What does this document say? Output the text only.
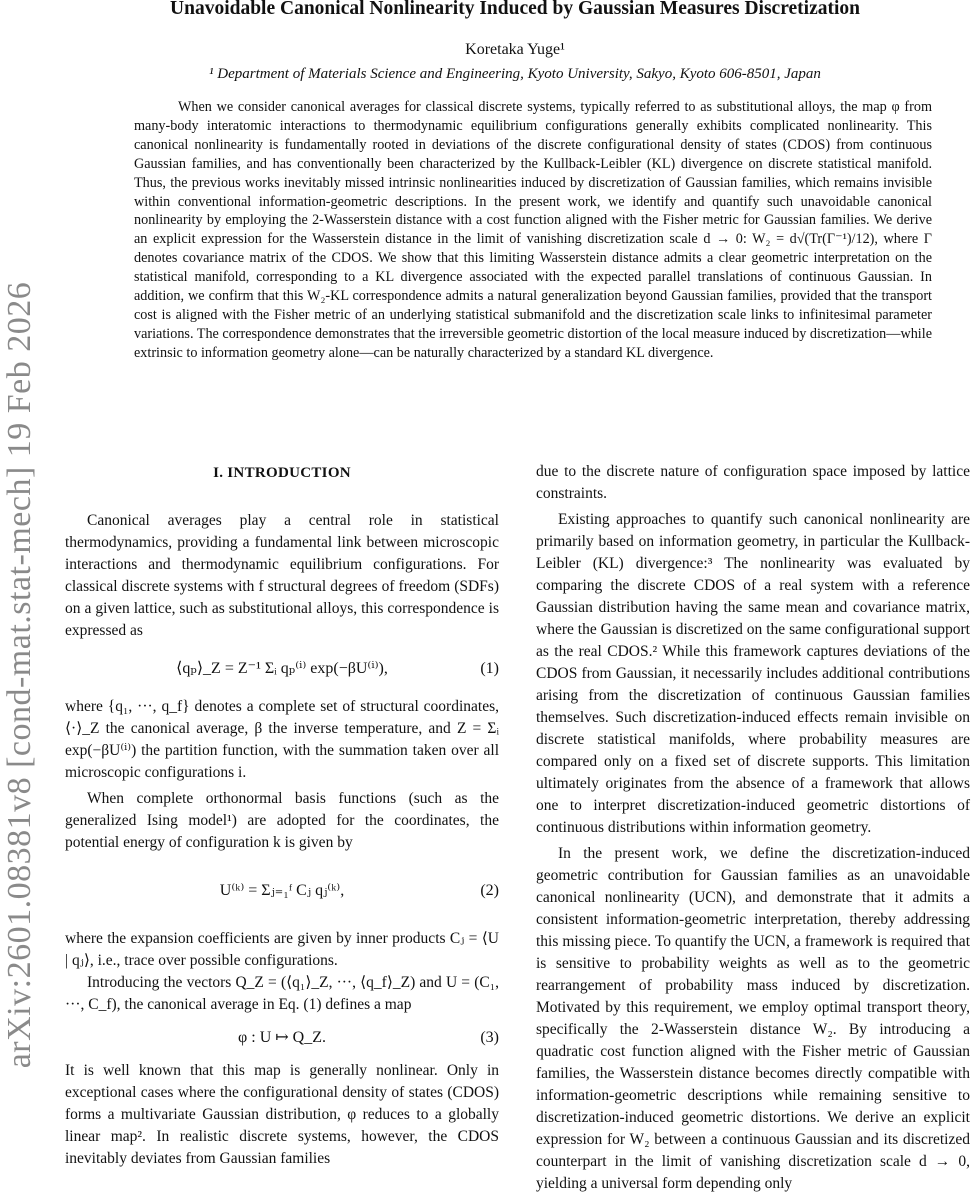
arXiv:2601.08381v8 [cond-mat.stat-mech] 19 Feb 2026
Unavoidable Canonical Nonlinearity Induced by Gaussian Measures Discretization
Koretaka Yuge¹
¹ Department of Materials Science and Engineering, Kyoto University, Sakyo, Kyoto 606-8501, Japan

When we consider canonical averages for classical discrete systems, typically referred to as substitutional alloys, the map φ from many-body interatomic interactions to thermodynamic equilibrium configurations generally exhibits complicated nonlinearity. This canonical nonlinearity is fundamentally rooted in deviations of the discrete configurational density of states (CDOS) from continuous Gaussian families, and has conventionally been characterized by the Kullback-Leibler (KL) divergence on discrete statistical manifold. Thus, the previous works inevitably missed intrinsic nonlinearities induced by discretization of Gaussian families, which remains invisible within conventional information-geometric descriptions. In the present work, we identify and quantify such unavoidable canonical nonlinearity by employing the 2-Wasserstein distance with a cost function aligned with the Fisher metric for Gaussian families. We derive an explicit expression for the Wasserstein distance in the limit of vanishing discretization scale d → 0: W₂ = d√(Tr(Γ⁻¹)/12), where Γ denotes covariance matrix of the CDOS. We show that this limiting Wasserstein distance admits a clear geometric interpretation on the statistical manifold, corresponding to a KL divergence associated with the expected parallel translations of continuous Gaussian. In addition, we confirm that this W₂-KL correspondence admits a natural generalization beyond Gaussian families, provided that the transport cost is aligned with the Fisher metric of an underlying statistical submanifold and the discretization scale links to infinitesimal parameter variations. The correspondence demonstrates that the irreversible geometric distortion of the local measure induced by discretization—while extrinsic to information geometry alone—can be naturally characterized by a standard KL divergence.

I. INTRODUCTION

Canonical averages play a central role in statistical thermodynamics, providing a fundamental link between microscopic interactions and thermodynamic equilibrium configurations. For classical discrete systems with f structural degrees of freedom (SDFs) on a given lattice, such as substitutional alloys, this correspondence is expressed as

⟨qₚ⟩_Z = Z⁻¹ Σᵢ qₚ⁽ⁱ⁾ exp(−βU⁽ⁱ⁾),	(1)

where {q₁, ···, q_f} denotes a complete set of structural coordinates, ⟨·⟩_Z the canonical average, β the inverse temperature, and Z = Σᵢ exp(−βU⁽ⁱ⁾) the partition function, with the summation taken over all microscopic configurations i.

When complete orthonormal basis functions (such as the generalized Ising model¹) are adopted for the coordinates, the potential energy of configuration k is given by

U⁽ᵏ⁾ = Σⱼ₌₁ᶠ Cⱼ qⱼ⁽ᵏ⁾,	(2)

where the expansion coefficients are given by inner products Cⱼ = ⟨U | qⱼ⟩, i.e., trace over possible configurations.

Introducing the vectors Q_Z = (⟨q₁⟩_Z, ···, ⟨q_f⟩_Z) and U = (C₁, ···, C_f), the canonical average in Eq. (1) defines a map

φ : U ↦ Q_Z.	(3)

It is well known that this map is generally nonlinear. Only in exceptional cases where the configurational density of states (CDOS) forms a multivariate Gaussian distribution, φ reduces to a globally linear map². In realistic discrete systems, however, the CDOS inevitably deviates from Gaussian families

due to the discrete nature of configuration space imposed by lattice constraints.

Existing approaches to quantify such canonical nonlinearity are primarily based on information geometry, in particular the Kullback-Leibler (KL) divergence:³ The nonlinearity was evaluated by comparing the discrete CDOS of a real system with a reference Gaussian distribution having the same mean and covariance matrix, where the Gaussian is discretized on the same configurational support as the real CDOS.² While this framework captures deviations of the CDOS from Gaussian, it necessarily includes additional contributions arising from the discretization of continuous Gaussian families themselves. Such discretization-induced effects remain invisible on discrete statistical manifolds, where probability measures are compared only on a fixed set of discrete supports. This limitation ultimately originates from the absence of a framework that allows one to interpret discretization-induced geometric distortions of continuous distributions within information geometry.

In the present work, we define the discretization-induced geometric contribution for Gaussian families as an unavoidable canonical nonlinearity (UCN), and demonstrate that it admits a consistent information-geometric interpretation, thereby addressing this missing piece. To quantify the UCN, a framework is required that is sensitive to probability weights as well as to the geometric rearrangement of probability mass induced by discretization. Motivated by this requirement, we employ optimal transport theory, specifically the 2-Wasserstein distance W₂. By introducing a quadratic cost function aligned with the Fisher metric of Gaussian families, the Wasserstein distance becomes directly compatible with information-geometric descriptions while remaining sensitive to discretization-induced geometric distortions. We derive an explicit expression for W₂ between a continuous Gaussian and its discretized counterpart in the limit of vanishing discretization scale d → 0, yielding a universal form depending only
